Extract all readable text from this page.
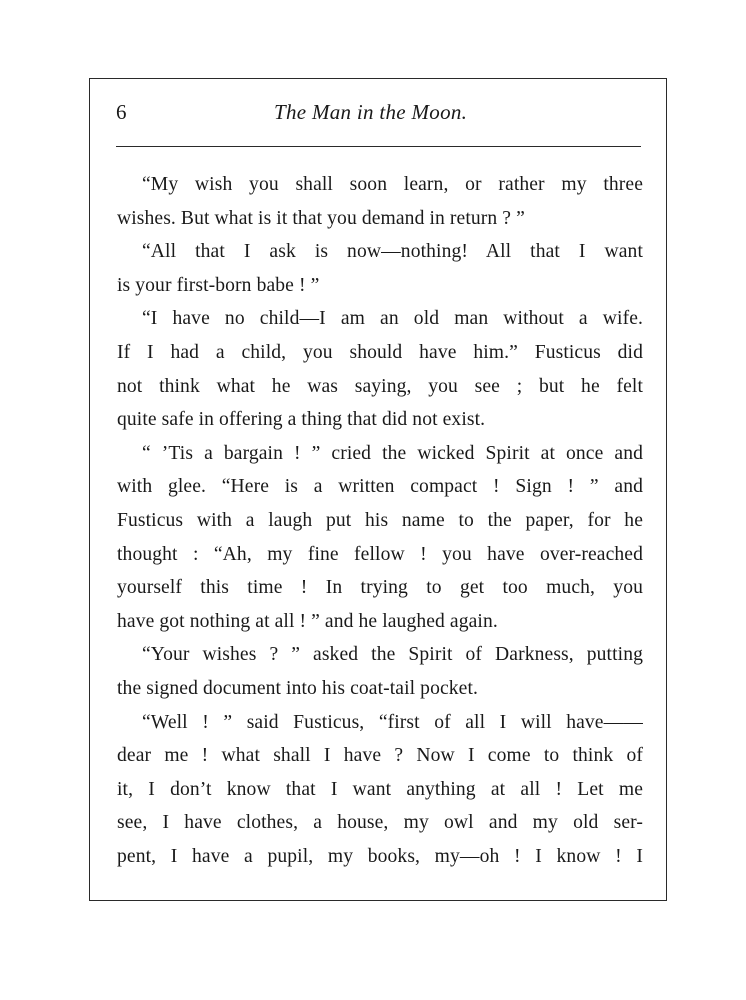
6	The Man in the Moon.
“My wish you shall soon learn, or rather my three
wishes. But what is it that you demand in return ? ”
“All that I ask is now—nothing! All that I want
is your first-born babe ! ”
“I have no child—I am an old man without a wife.
If I had a child, you should have him.” Fusticus did
not think what he was saying, you see ; but he felt
quite safe in offering a thing that did not exist.
“ ’Tis a bargain ! ” cried the wicked Spirit at once and
with glee. “Here is a written compact ! Sign ! ” and
Fusticus with a laugh put his name to the paper, for he
thought : “Ah, my fine fellow ! you have over-reached
yourself this time ! In trying to get too much, you
have got nothing at all ! ” and he laughed again.
“Your wishes ? ” asked the Spirit of Darkness, putting
the signed document into his coat-tail pocket.
“Well ! ” said Fusticus, “first of all I will have——
dear me ! what shall I have ? Now I come to think of
it, I don’t know that I want anything at all ! Let me
see, I have clothes, a house, my owl and my old ser-
pent, I have a pupil, my books, my—oh ! I know ! I
